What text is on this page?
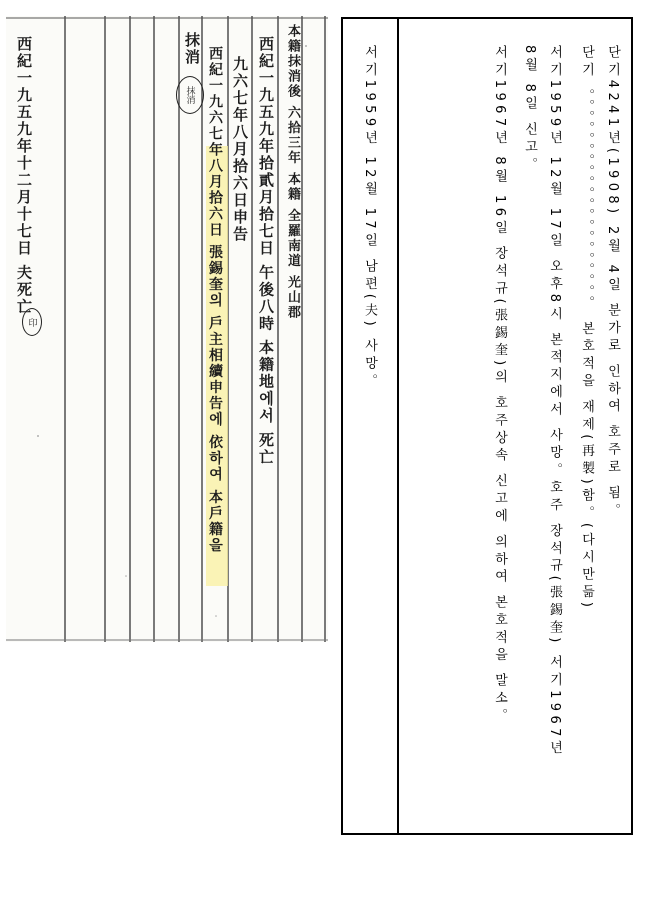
本籍抹消後 六拾三年 本籍 全羅南道 光山郡
西紀一九五九年拾貳月拾七日 午後八時 本籍地에서 死亡
九六七年八月拾六日申告
西紀一九六七年八月拾六日 張錫奎의 戶主相續申告에 依하여 本戶籍을
抹消
西紀一九五九年十二月十七日 夫死亡	抹消
印	단기4241년(1908) 2월 4일 분가로 인하여 호주로 됨。
단기 。。。。。。。。。。。。。。。。。。。。 본호적을 재제(再製)함。(다시만듦)
서기1959년 12월 17일 오후8시 본적지에서 사망。호주 장석규(張錫奎) 서기1967년
8월 8일 신고。
서기1967년 8월 16일 장석규(張錫奎)의 호주상속 신고에 의하여 본호적을 말소。
서기1959년 12월 17일 남편(夫) 사망。
